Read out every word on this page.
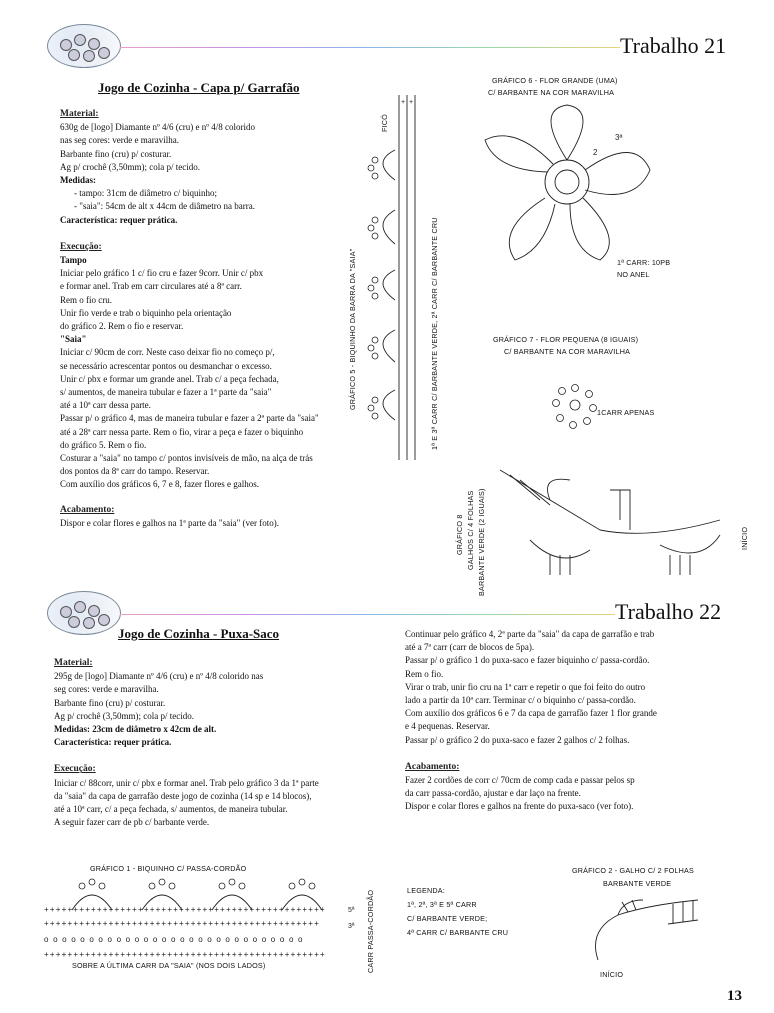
Trabalho 21
Jogo de Cozinha - Capa p/ Garrafão
Material:
630g de [logo] Diamante nº 4/6 (cru) e nº 4/8 colorido
nas seg cores: verde e maravilha.
Barbante fino (cru) p/ costurar.
Ag p/ crochê (3,50mm); cola p/ tecido.
Medidas:
- tampo: 31cm de diâmetro c/ biquinho;
- "saia": 54cm de alt x 44cm de diâmetro na barra.
Característica: requer prática.
Execução:
Tampo
Iniciar pelo gráfico 1 c/ fio cru e fazer 9corr. Unir c/ pbx
e formar anel. Trab em carr circulares até a 8ª carr.
Rem o fio cru.
Unir fio verde e trab o biquinho pela orientação
do gráfico 2. Rem o fio e reservar.
"Saia"
Iniciar c/ 90cm de corr. Neste caso deixar fio no começo p/,
se necessário acrescentar pontos ou desmanchar o excesso.
Unir c/ pbx e formar um grande anel. Trab c/ a peça fechada,
s/ aumentos, de maneira tubular e fazer a 1ª parte da "saia"
até a 10ª carr dessa parte.
Passar p/ o gráfico 4, mas de maneira tubular e fazer a 2ª parte da "saia"
até a 28ª carr nessa parte. Rem o fio, virar a peça e fazer o biquinho
do gráfico 5. Rem o fio.
Costurar a "saia" no tampo c/ pontos invisíveis de mão, na alça de trás
dos pontos da 8ª carr do tampo. Reservar.
Com auxílio dos gráficos 6, 7 e 8, fazer flores e galhos.
Acabamento:
Dispor e colar flores e galhos na 1ª parte da "saia" (ver foto).
GRÁFICO 5 - BIQUINHO DA BARRA DA "SAIA"	1ª E 3ª CARR C/ BARBANTE VERDE, 2ª CARR C/ BARBANTE CRU
FICÓ
+ +
GRÁFICO 6 - FLOR GRANDE (UMA)
C/ BARBANTE NA COR MARAVILHA
3ª
2
1ª CARR: 10PB
NO ANEL
GRÁFICO 7 - FLOR PEQUENA (8 IGUAIS)
C/ BARBANTE NA COR MARAVILHA
1CARR APENAS
GRÁFICO 8 GALHOS C/ 4 FOLHAS BARBANTE VERDE (2 IGUAIS)	INÍCIO
Trabalho 22
Jogo de Cozinha - Puxa-Saco
Material:
295g de [logo] Diamante nº 4/6 (cru) e nº 4/8 colorido nas
seg cores: verde e maravilha.
Barbante fino (cru) p/ costurar.
Ag p/ crochê (3,50mm); cola p/ tecido.
Medidas: 23cm de diâmetro x 42cm de alt.
Característica: requer prática.
Execução:
Iniciar c/ 88corr, unir c/ pbx e formar anel. Trab pelo gráfico 3 da 1ª parte
da "saia" da capa de garrafão deste jogo de cozinha (14 sp e 14 blocos),
até a 10ª carr, c/ a peça fechada, s/ aumentos, de maneira tubular.
A seguir fazer carr de pb c/ barbante verde.
Continuar pelo gráfico 4, 2ª parte da "saia" da capa de garrafão e trab
até a 7ª carr (carr de blocos de 5pa).
Passar p/ o gráfico 1 do puxa-saco e fazer biquinho c/ passa-cordão.
Rem o fio.
Virar o trab, unir fio cru na 1ª carr e repetir o que foi feito do outro
lado a partir da 10ª carr. Terminar c/ o biquinho c/ passa-cordão.
Com auxílio dos gráficos 6 e 7 da capa de garrafão fazer 1 flor grande
e 4 pequenas. Reservar.
Passar p/ o gráfico 2 do puxa-saco e fazer 2 galhos c/ 2 folhas.
Acabamento:
Fazer 2 cordões de corr c/ 70cm de comp cada e passar pelos sp
da carr passa-cordão, ajustar e dar laço na frente.
Dispor e colar flores e galhos na frente do puxa-saco (ver foto).
GRÁFICO 1 - BIQUINHO C/ PASSA-CORDÃO
++++++++++++++++++++++++++++++++++++++++++++++++
+++++++++++++++++++++++++++++++++++++++++++++++
o o o o o o o o o o o o o o o o o o o o o o o o o o o o o
++++++++++++++++++++++++++++++++++++++++++++++++
5ª
3ª
SOBRE A ÚLTIMA CARR DA "SAIA" (NOS DOIS LADOS)	CARR PASSA-CORDÃO	LEGENDA:
1ª, 2ª, 3ª E 5ª CARR
C/ BARBANTE VERDE;
4ª CARR C/ BARBANTE CRU
GRÁFICO 2 - GALHO C/ 2 FOLHAS
BARBANTE VERDE
INÍCIO
13
